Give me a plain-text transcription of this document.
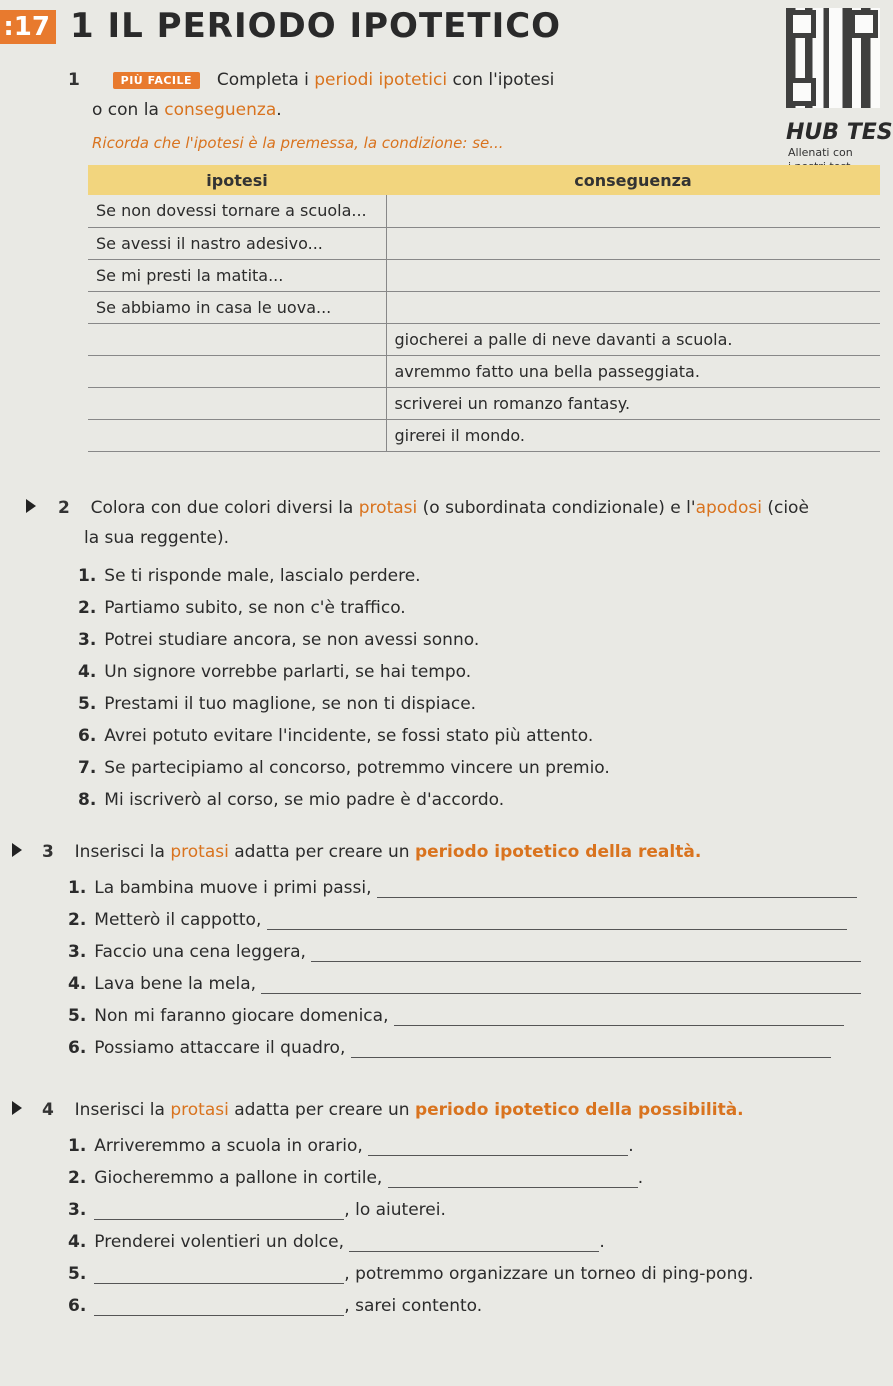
:17 1 IL PERIODO IPOTETICO
HUB TES
Allenati con
1	PIÙ FACILE Completa i periodi ipotetici con l'ipotesi
o con la conseguenza.
Ricorda che l'ipotesi è la premessa, la condizione: se...
ipotesi	conseguenza
Se non dovessi tornare a scuola...	
Se avessi il nastro adesivo...	
Se mi presti la matita...	
Se abbiamo in casa le uova...	
	giocherei a palle di neve davanti a scuola.
	avremmo fatto una bella passeggiata.
	scriverei un romanzo fantasy.
	girerei il mondo.
2 Colora con due colori diversi la protasi (o subordinata condizionale) e l'apodosi (cioè
la sua reggente).
1. Se ti risponde male, lascialo perdere.
2. Partiamo subito, se non c'è traffico.
3. Potrei studiare ancora, se non avessi sonno.
4. Un signore vorrebbe parlarti, se hai tempo.
5. Prestami il tuo maglione, se non ti dispiace.
6. Avrei potuto evitare l'incidente, se fossi stato più attento.
7. Se partecipiamo al concorso, potremmo vincere un premio.
8. Mi iscriverò al corso, se mio padre è d'accordo.
3 Inserisci la protasi adatta per creare un periodo ipotetico della realtà.
1. La bambina muove i primi passi,
2. Metterò il cappotto,
3. Faccio una cena leggera,
4. Lava bene la mela,
5. Non mi faranno giocare domenica,
6. Possiamo attaccare il quadro,
4 Inserisci la protasi adatta per creare un periodo ipotetico della possibilità.
1. Arriveremmo a scuola in orario,	.
2. Giocheremmo a pallone in cortile,	.
3.	, lo aiuterei.
4. Prenderei volentieri un dolce,	.
5.	, potremmo organizzare un torneo di ping-pong.
6.	, sarei contento.
